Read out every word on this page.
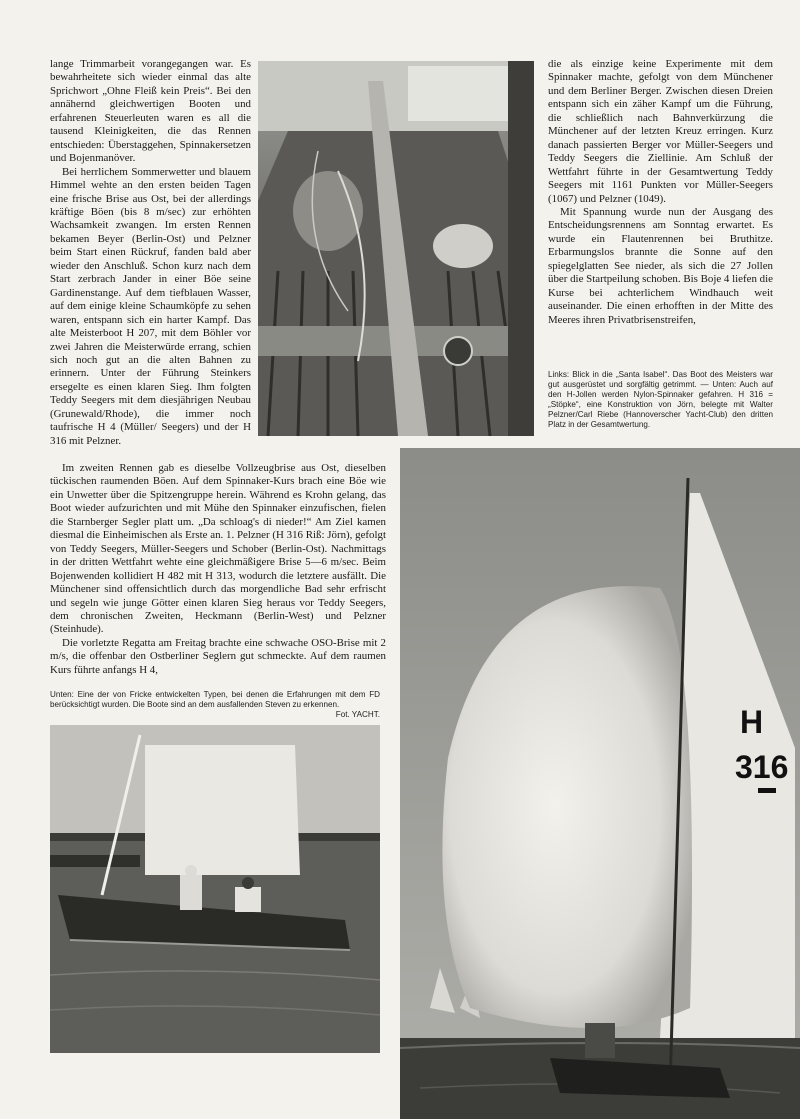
lange Trimmarbeit vorangegangen war. Es bewahrheitete sich wieder einmal das alte Sprichwort „Ohne Fleiß kein Preis“. Bei den annähernd gleichwertigen Booten und erfahrenen Steuerleuten waren es all die tausend Kleinigkeiten, die das Rennen entschieden: Überstaggehen, Spinnakersetzen und Bojenmanöver.

Bei herrlichem Sommerwetter und blauem Himmel wehte an den ersten beiden Tagen eine frische Brise aus Ost, bei der allerdings kräftige Böen (bis 8 m/sec) zur erhöhten Wachsamkeit zwangen. Im ersten Rennen bekamen Beyer (Berlin-Ost) und Pelzner beim Start einen Rückruf, fanden bald aber wieder den Anschluß. Schon kurz nach dem Start zerbrach Jander in einer Böe seine Gardinenstange. Auf dem tiefblauen Wasser, auf dem einige kleine Schaumköpfe zu sehen waren, entspann sich ein harter Kampf. Das alte Meisterboot H 207, mit dem Böhler vor zwei Jahren die Meisterwürde errang, schien sich noch gut an die alten Bahnen zu erinnern. Unter der Führung Steinkers ersegelte es einen klaren Sieg. Ihm folgten Teddy Seegers mit dem diesjährigen Neubau (Grunewald/Rhode), die immer noch taufrische H 4 (Müller/ Seegers) und der H 316 mit Pelzner.

Im zweiten Rennen gab es dieselbe Vollzeugbrise aus Ost, dieselben tückischen raumenden Böen. Auf dem Spinnaker-Kurs brach eine Böe wie ein Unwetter über die Spitzengruppe herein. Während es Krohn gelang, das Boot wieder aufzurichten und mit Mühe den Spinnaker einzufischen, fielen die Starnberger Segler platt um. „Da schloag's di nieder!“ Am Ziel kamen diesmal die Einheimischen als Erste an. 1. Pelzner (H 316 Riß: Jörn), gefolgt von Teddy Seegers, Müller-Seegers und Schober (Berlin-Ost). Nachmittags in der dritten Wettfahrt wehte eine gleichmäßigere Brise 5—6 m/sec. Beim Bojenwenden kollidiert H 482 mit H 313, wodurch die letztere ausfällt. Die Münchener sind offensichtlich durch das morgendliche Bad sehr erfrischt und segeln wie junge Götter einen klaren Sieg heraus vor Teddy Seegers, dem chronischen Zweiten, Heckmann (Berlin-West) und Pelzner (Steinhude).

Die vorletzte Regatta am Freitag brachte eine schwache OSO-Brise mit 2 m/s, die offenbar den Ostberliner Seglern gut schmeckte. Auf dem raumen Kurs führte anfangs H 4,

die als einzige keine Experimente mit dem Spinnaker machte, gefolgt von dem Münchener und dem Berliner Berger. Zwischen diesen Dreien entspann sich ein zäher Kampf um die Führung, die schließlich nach Bahnverkürzung die Münchener auf der letzten Kreuz erringen. Kurz danach passierten Berger vor Müller-Seegers und Teddy Seegers die Ziellinie. Am Schluß der Wettfahrt führte in der Gesamtwertung Teddy Seegers mit 1161 Punkten vor Müller-Seegers (1067) und Pelzner (1049).

Mit Spannung wurde nun der Ausgang des Entscheidungsrennens am Sonntag erwartet. Es wurde ein Flautenrennen bei Bruthitze. Erbarmungslos brannte die Sonne auf den spiegelglatten See nieder, als sich die 27 Jollen über die Startpeilung schoben. Bis Boje 4 liefen die Kurse bei achterlichem Windhauch weit auseinander. Die einen erhofften in der Mitte des Meeres ihren Privatbrisenstreifen,

Links: Blick in die „Santa Isabel“. Das Boot des Meisters war gut ausgerüstet und sorgfältig getrimmt. — Unten: Auch auf den H-Jollen werden Nylon-Spinnaker gefahren. H 316 = „Stöpke“, eine Konstruktion von Jörn, belegte mit Walter Pelzner/Carl Riebe (Hannoverscher Yacht-Club) den dritten Platz in der Gesamtwertung.
Unten: Eine der von Fricke entwickelten Typen, bei denen die Erfahrungen mit dem FD berücksichtigt wurden. Die Boote sind an dem ausfallenden Steven zu erkennen.
Fot. YACHT.	H
316
